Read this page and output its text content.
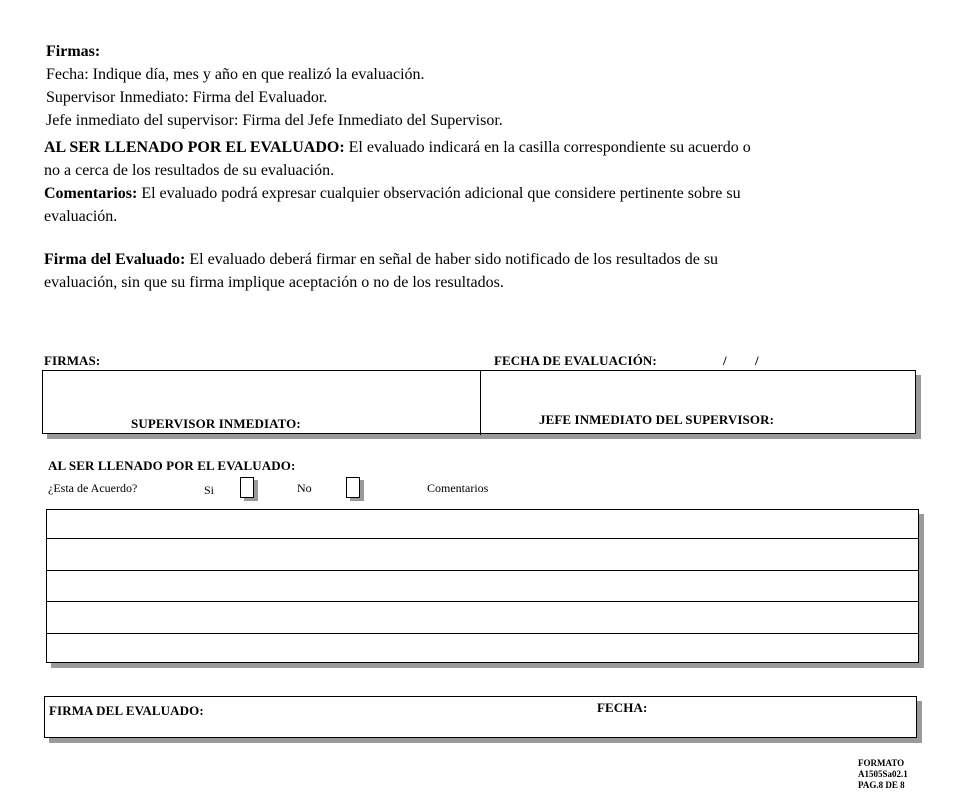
Firmas:
Fecha: Indique día, mes y año en que realizó la evaluación.
Supervisor Inmediato: Firma del Evaluador.
Jefe inmediato del supervisor: Firma del Jefe Inmediato del Supervisor.
AL SER LLENADO POR EL EVALUADO: El evaluado indicará en la casilla correspondiente su acuerdo o
no a cerca de los resultados de su evaluación.
Comentarios: El evaluado podrá expresar cualquier observación adicional que considere pertinente sobre su
evaluación.
Firma del Evaluado: El evaluado deberá firmar en señal de haber sido notificado de los resultados de su
evaluación, sin que su firma implique aceptación o no de los resultados.
FIRMAS:	FECHA DE EVALUACIÓN:	/ /
SUPERVISOR INMEDIATO:	JEFE INMEDIATO DEL SUPERVISOR:
AL SER LLENADO POR EL EVALUADO:
¿Esta de Acuerdo?	Si	No	Comentarios
FIRMA DEL EVALUADO:	FECHA:
FORMATO
A1505Sa02.1
PAG.8 DE 8
